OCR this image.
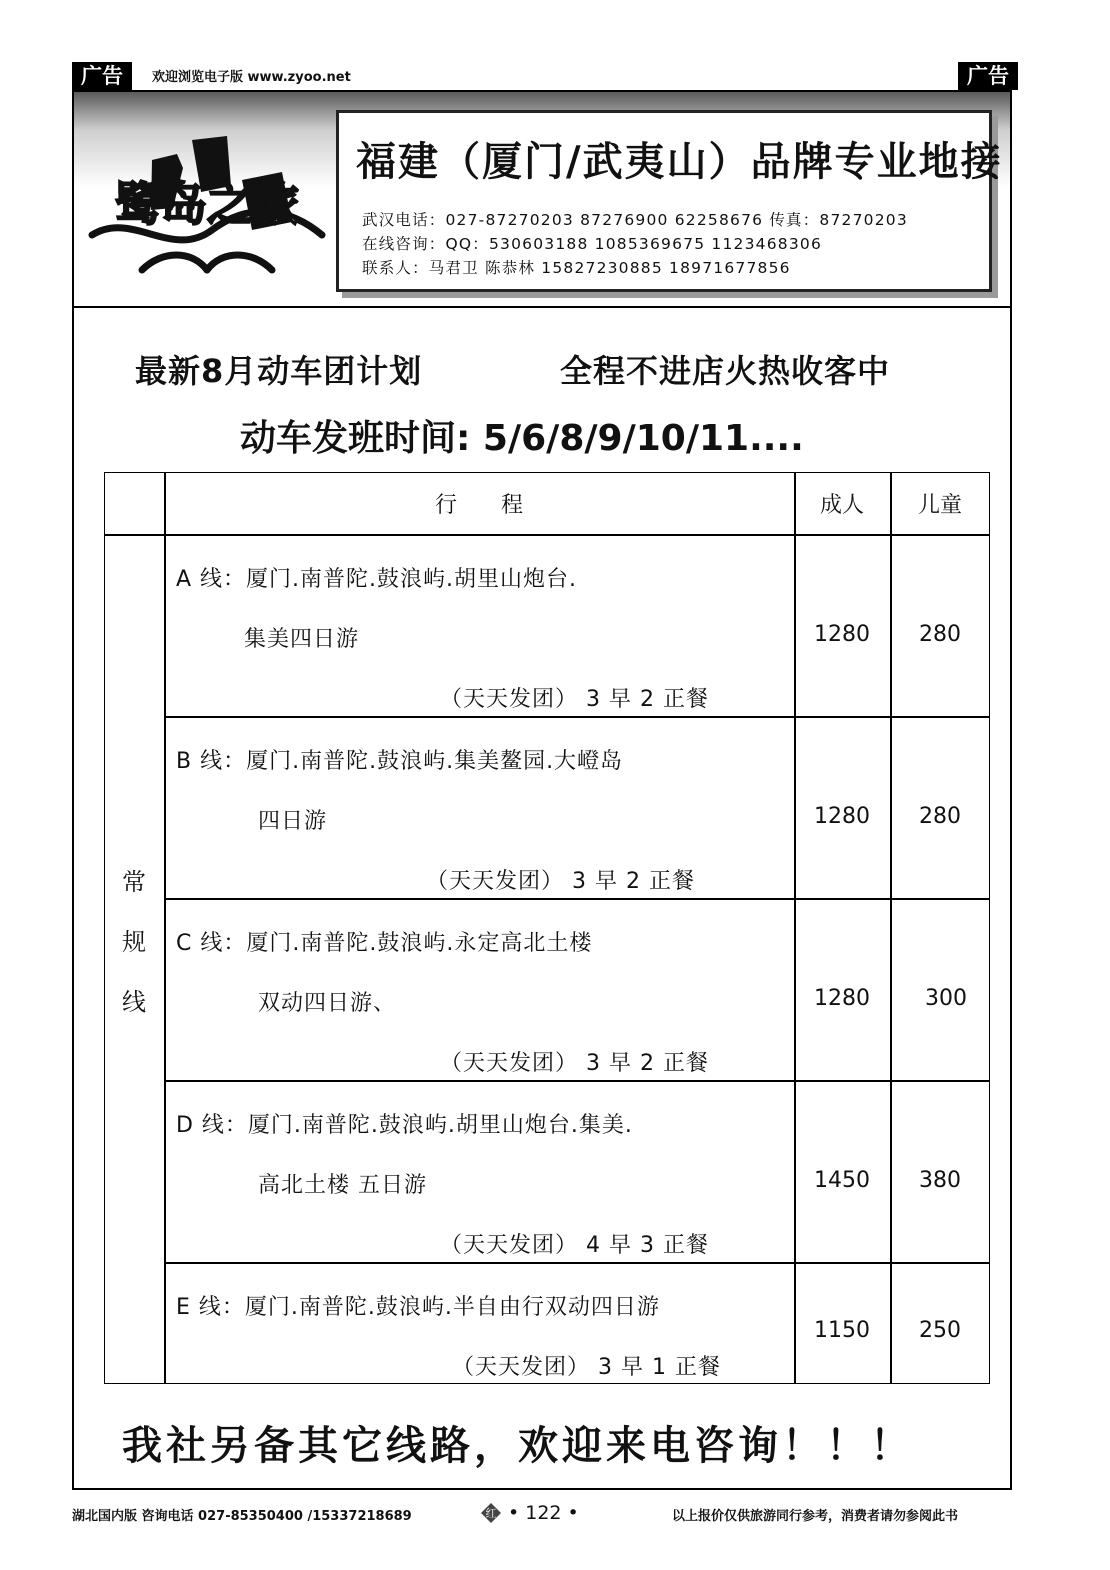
广告	欢迎浏览电子版 www.zyoo.net	广告
鹭岛之旅
福建（厦门/武夷山）品牌专业地接
武汉电话：027-87270203 87276900 62258676 传真：87270203
在线咨询：QQ：530603188 1085369675 1123468306
联系人：马君卫 陈恭林 15827230885 18971677856
最新8月动车团计划	全程不进店火热收客中
动车发班时间: 5/6/8/9/10/11....
行　　程	成人	儿童
常
规
线
A 线：厦门.南普陀.鼓浪屿.胡里山炮台.
集美四日游
（天天发团） 3 早 2 正餐
1280	280
B 线：厦门.南普陀.鼓浪屿.集美鳌园.大嶝岛
四日游
（天天发团） 3 早 2 正餐
1280	280
C 线：厦门.南普陀.鼓浪屿.永定高北土楼
双动四日游、
（天天发团） 3 早 2 正餐
1280	300
D 线：厦门.南普陀.鼓浪屿.胡里山炮台.集美.
高北土楼 五日游
（天天发团） 4 早 3 正餐
1450	380
E 线：厦门.南普陀.鼓浪屿.半自由行双动四日游
（天天发团） 3 早 1 正餐
1150	250
我社另备其它线路，欢迎来电咨询！！！
湖北国内版 咨询电话 027-85350400 /15337218689	红 • 122 •	以上报价仅供旅游同行参考，消费者请勿参阅此书
